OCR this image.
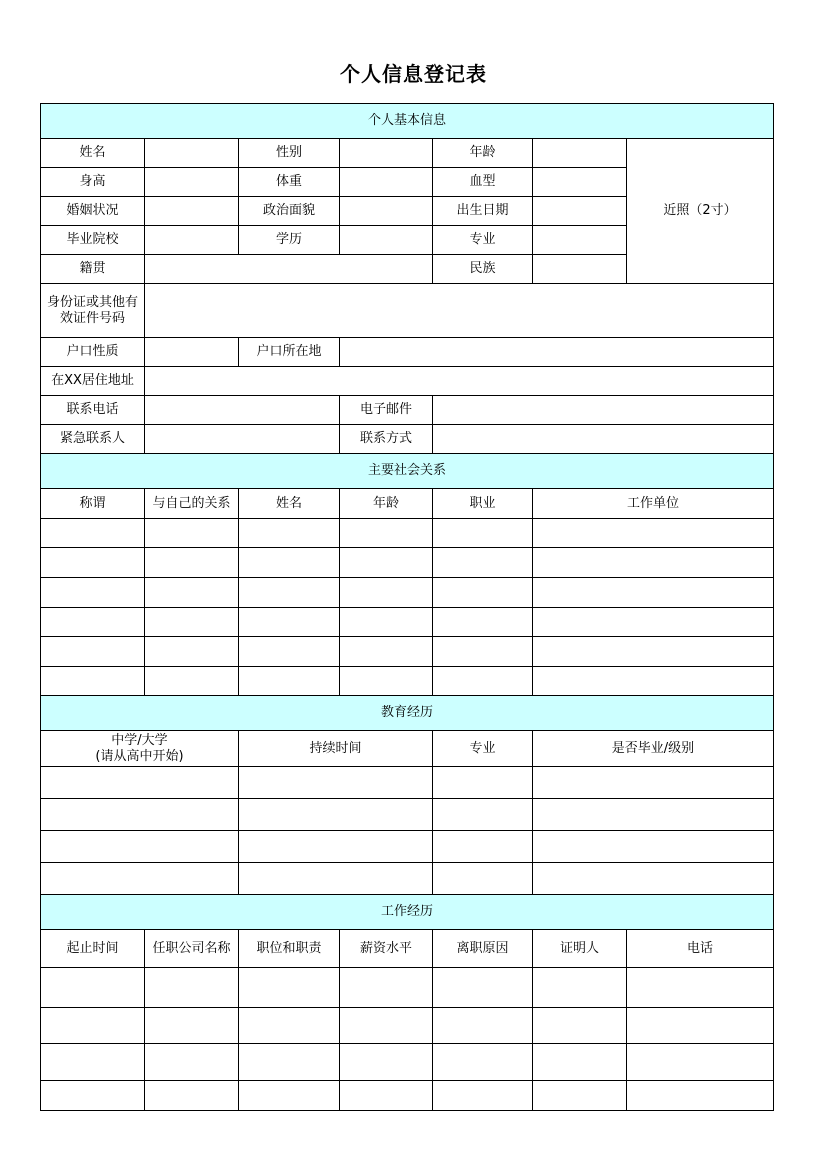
个人信息登记表
个人基本信息						
姓名		性别		年龄		近照（2寸）
身高		体重		血型		
婚姻状况		政治面貌		出生日期		
毕业院校		学历		专业		
籍贯				民族		
身份证或其他有
效证件号码						
户口性质		户口所在地				
在XX居住地址						
联系电话			电子邮件			
紧急联系人			联系方式			
主要社会关系						
称谓	与自己的关系	姓名	年龄	职业	工作单位	

教育经历						
中学/大学
(请从高中开始)		持续时间		专业	是否毕业/级别	

工作经历						
起止时间	任职公司名称	职位和职责	薪资水平	离职原因	证明人	电话
